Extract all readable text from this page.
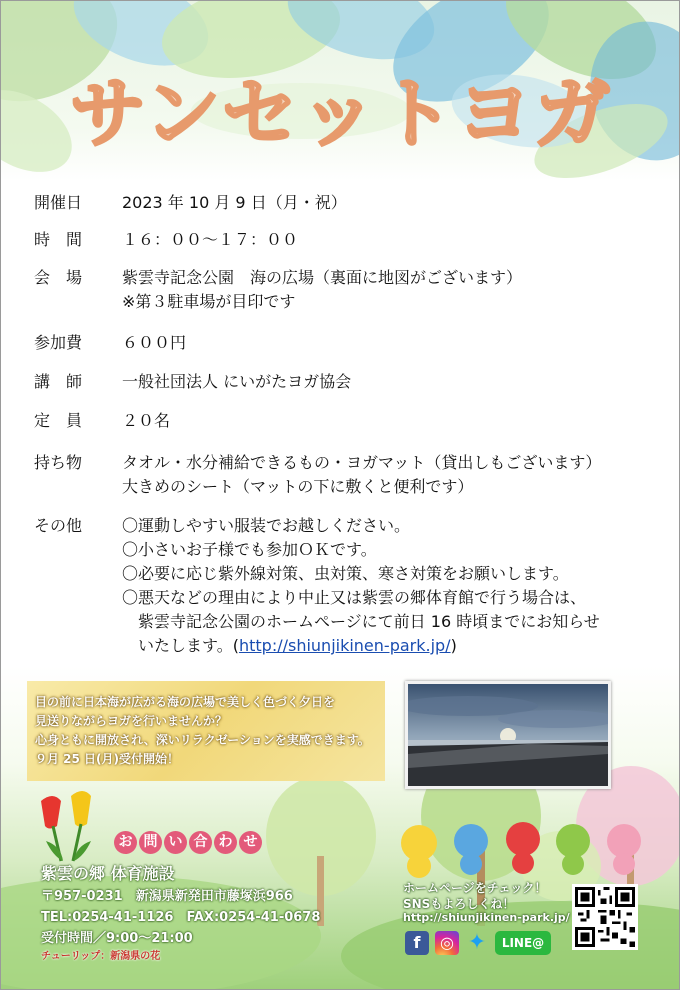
サンセットヨガ
開催日	2023 年 10 月 9 日（月・祝）
時　間	１６：００～１７：００
会　場	紫雲寺記念公園　海の広場（裏面に地図がございます）
※第３駐車場が目印です
参加費	６００円
講　師	一般社団法人 にいがたヨガ協会
定　員	２０名
持ち物	タオル・水分補給できるもの・ヨガマット（貸出しもございます）
大きめのシート（マットの下に敷くと便利です）
その他	〇運動しやすい服装でお越しください。
〇小さいお子様でも参加ＯＫです。
〇必要に応じ紫外線対策、虫対策、寒さ対策をお願いします。
〇悪天などの理由により中止又は紫雲の郷体育館で行う場合は、
　紫雲寺記念公園のホームページにて前日 16 時頃までにお知らせ
　いたします。(http://shiunjikinen-park.jp/)
目の前に日本海が広がる海の広場で美しく色づく夕日を
見送りながらヨガを行いませんか？
心身ともに開放され、深いリラクゼーションを実感できます。
９月 25 日(月)受付開始！
お 問 い 合 わ せ
紫雲の郷 体育施設
〒957-0231　新潟県新発田市藤塚浜966
TEL:0254-41-1126　FAX:0254-41-0678
受付時間／9:00～21:00
チューリップ：新潟県の花
ホームページをチェック！
SNSもよろしくね！
http://shiunjikinen-park.jp/
f	◎ ✦	LINE@
